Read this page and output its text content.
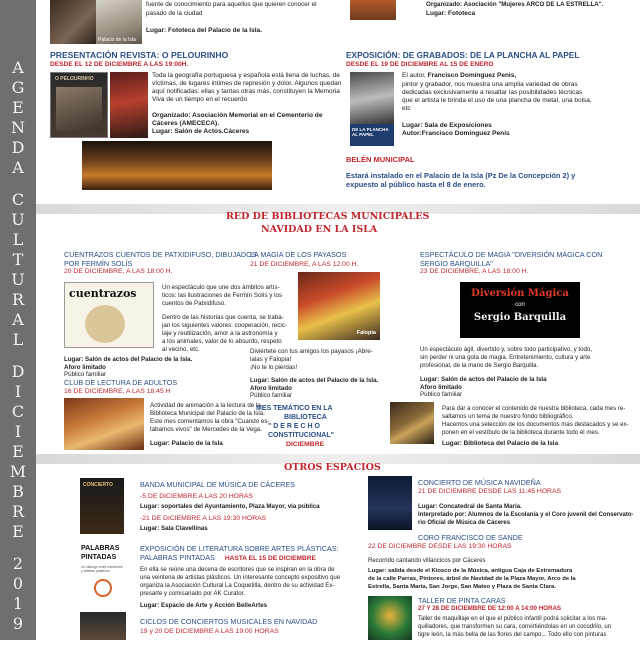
A
G
E
N
D
A
C
U
L
T
U
R
A
L
D
I
C
I
E
M
B
R
E
2
0
1
9
.
Palacio de la Isla
fuente de conocimiento para aquellos que quieren conocer el
pasado de la ciudad
Lugar: Fototeca del Palacio de la Isla.
Organizado: Asociación "Mujeres ARCO DE LA ESTRELLA".
Lugar: Fototeca
PRESENTACIÓN REVISTA: O PELOURINHO
DESDE EL 12 DE DICIEMBRE A LAS 19:00H.
O PELOURINHO	Toda la geografía portuguesa y española está llena de luchas, de
víctimas, de lugares intimes de represión y dolor. Algunos quedan
aquí notificadas: ellas y tantas otras más, constituyen la Memoria
Viva de un tiempo en el recuerdo
Organizado: Asociación Memorial en el Cementerio de
Cáceres (AMECECA).
Lugar: Salón de Actos.Cáceres
EXPOSICIÓN: DE GRABADOS: DE LA PLANCHA AL PAPEL
DESDE EL 19 DE DICIEMBRE AL 15 DE ENERO
DE LA PLANCHA AL PAPEL
El autor, Francisco Domínguez Penis,
pintor y grabador, nos muestra una amplia variedad de obras
dedicadas exclusivamente a resaltar las posibilidades técnicas
que el artista le brinda el uso de una plancha de metal, una bolsa,
etc
Lugar: Sala de Exposiciones
Autor:Francisco Domínguez Penis
BELÉN MUNICIPAL
Estará instalado en el Palacio de la Isla (Pz De la Concepción 2) y
expuesto al público hasta el 8 de enero.
RED DE BIBLIOTECAS MUNICIPALES
NAVIDAD EN LA ISLA
CUENTRAZOS CUENTOS DE PATXIDIFUSO, DIBUJADOS
POR FERMÍN SOLÍS
20 DE DICIEMBRE, A LAS 18:00 H.
cuentrazos	Un espectáculo que une dos ámbitos artís-
ticos: las ilustraciones de Fermín Solís y los
cuentos de Patxidifuso.
Dentro de las historias que cuenta, se traba-
jan los siguientes valores: cooperación, recic-
laje y reutilización, amor a la astronomía y
a los animales, valor de lo absurdo, respeto
al vecino, etc.
Lugar: Salón de actos del Palacio de la Isla.
Aforo limitado
Público familiar
LA MAGIA DE LOS PAYASOS
21 DE DICIEMBRE, A LAS 12:00 H.
Falopia
Diviértete con tus amigos los payasos ¡Abre-
lalas y Falopia!
¡No te lo pierdas!
Lugar: Salón de actos del Palacio de la Isla.
Aforo limitado
Público familiar
ESPECTÁCULO DE MAGIA "DIVERSIÓN MÁGICA CON
SERGIO BARQUILLA"
23 DE DICIEMBRE, A LAS 18:00 H.
Diversión Mágica
con
Sergio Barquilla
Un espectáculo ágil, divertido y, sobre todo participativo, y todo,
sin perder ni una gota de magia. Entretenimiento, cultura y arte
profesional, de la mano de Sergio Barquilla.
Lugar: Salón de actos del Palacio de la Isla
Aforo limitado
Público familiar
CLUB DE LECTURA DE ADULTOS
16 DE DICIEMBRE, A LAS 18:45 H
Actividad de animación a la lectura de la
Biblioteca Municipal del Palacio de la Isla.
Este mes comentamos la obra "Cuando es-
tábamos vivos" de Mercedes de la Vega.
Lugar: Palacio de la Isla
MES TEMÁTICO EN LA
BIBLIOTECA
" D E R E C H O
CONSTITUCIONAL"
DICIEMBRE
Para dar a conocer el contenido de nuestra biblioteca, cada mes re-
saltamos un tema de nuestro fondo bibliográfico.
Hacemos una selección de los documentos más destacados y se ex-
ponen en el vestíbulo de la biblioteca durante todo el mes.
Lugar: Biblioteca del Palacio de la Isla
OTROS ESPACIOS
CONCIERTO	BANDA MUNICIPAL DE MÚSICA DE CÁCERES
-5 DE DICIEMBRE A LAS 20 HORAS
Lugar: soportales del Ayuntamiento, Plaza Mayor, vía pública
-21 DE DICIEMBRE A LAS 19:30 HORAS
Lugar: Sala Clavellinas
PALABRAS
PINTADAS
Un diálogo entre escritores y artistas plásticos
EXPOSICIÓN DE LITERATURA SOBRE ARTES PLÁSTICAS:
PALABRAS PINTADAS HASTA EL 15 DE DICIEMBRE
En ella se reúne una decena de escritores que se inspiran en la obra de
una veintena de artistas plásticos. Un interesante concepto expositivo que
organiza la Asociación Cultural La Coquetilla, dentro de su actividad Ex-
presarte y comisariado por AK Curator.
Lugar: Espacio de Arte y Acción BelleArtes
CICLOS DE CONCIERTOS MUSICALES EN NAVIDAD
19 y 20 DE DICIEMBRE A LAS 19:00 HORAS
CONCIERTO DE MÚSICA NAVIDEÑA
21 DE DICIEMBRE DESDE LAS 11:45 HORAS
Lugar: Concatedral de Santa María.
Interpretado por: Alumnos de la Escolanía y el Coro juvenil del Conservato-
rio Oficial de Música de Cáceres
CORO FRANCISCO DE SANDE
22 DE DICIEMBRE DESDE LAS 19:30 HORAS
Recorrido cantando villancicos por Cáceres
Lugar: salida desde el Kiosco de la Música, antigua Caja de Extremadura
de la calle Parras, Pintores, árbol de Navidad de la Plaza Mayor, Arco de la
Estrella, Santa María, San Jorge, San Mateo y Plaza de Santa Clara.
TALLER DE PINTA CARAS
27 Y 28 DE DICIEMBRE DE 12:00 A 14:00 HORAS
Taller de maquillaje en el que el público infantil podrá solicitar a los ma-
quilladores, que transformen su cara, convirtiéndolas en un cocodrilo, un
tigre león, la más bella de las flores del campo... Todo ello con pinturas
